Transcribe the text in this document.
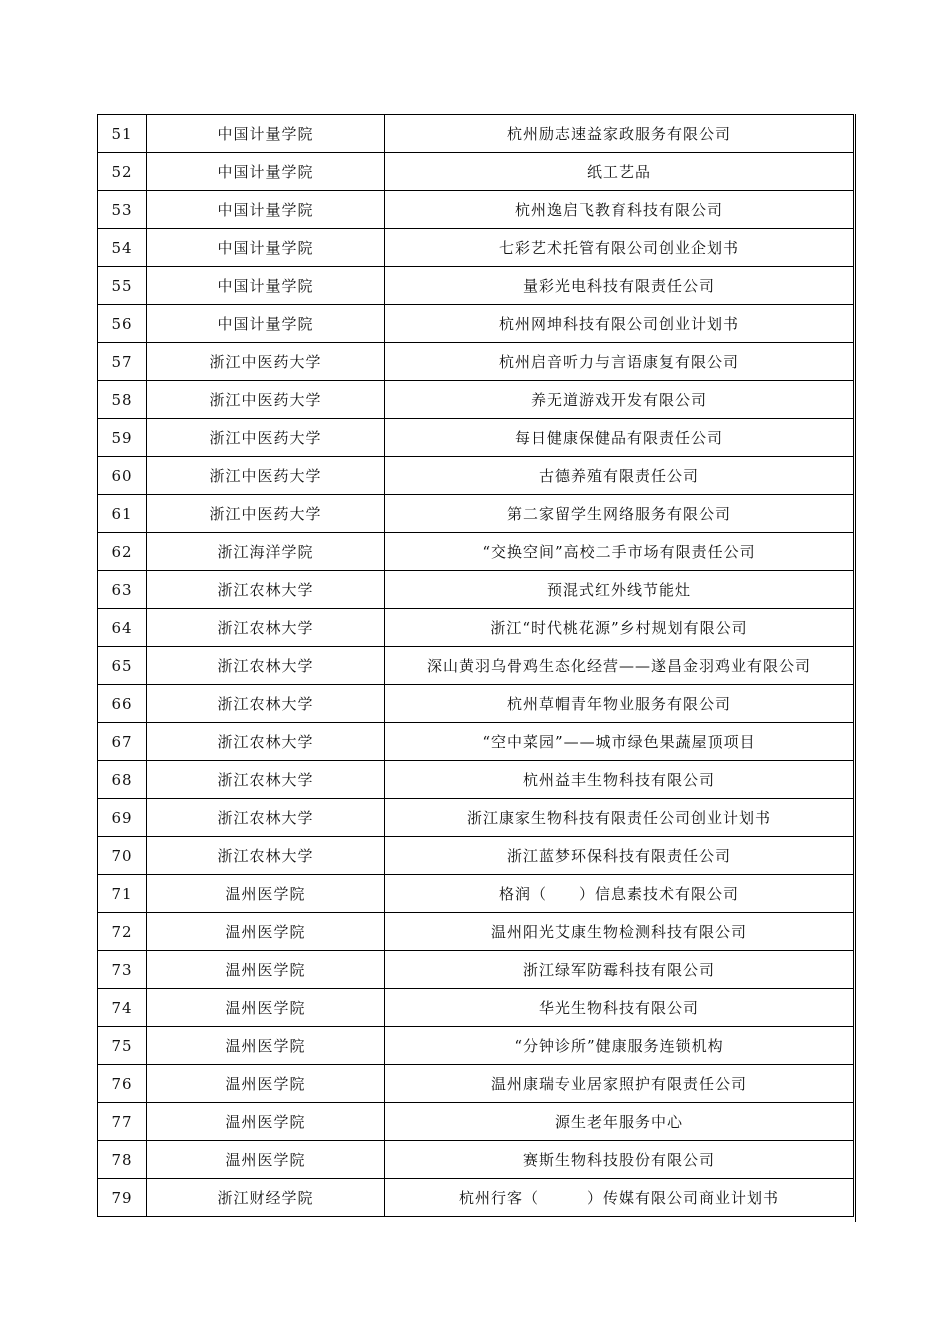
51	中国计量学院	杭州励志速益家政服务有限公司
52	中国计量学院	纸工艺品
53	中国计量学院	杭州逸启飞教育科技有限公司
54	中国计量学院	七彩艺术托管有限公司创业企划书
55	中国计量学院	量彩光电科技有限责任公司
56	中国计量学院	杭州网坤科技有限公司创业计划书
57	浙江中医药大学	杭州启音听力与言语康复有限公司
58	浙江中医药大学	养无道游戏开发有限公司
59	浙江中医药大学	每日健康保健品有限责任公司
60	浙江中医药大学	古德养殖有限责任公司
61	浙江中医药大学	第二家留学生网络服务有限公司
62	浙江海洋学院	“交换空间”高校二手市场有限责任公司
63	浙江农林大学	预混式红外线节能灶
64	浙江农林大学	浙江“时代桃花源”乡村规划有限公司
65	浙江农林大学	深山黄羽乌骨鸡生态化经营——遂昌金羽鸡业有限公司
66	浙江农林大学	杭州草帽青年物业服务有限公司
67	浙江农林大学	“空中菜园”——城市绿色果蔬屋顶项目
68	浙江农林大学	杭州益丰生物科技有限公司
69	浙江农林大学	浙江康家生物科技有限责任公司创业计划书
70	浙江农林大学	浙江蓝梦环保科技有限责任公司
71	温州医学院	格润（　　）信息素技术有限公司
72	温州医学院	温州阳光艾康生物检测科技有限公司
73	温州医学院	浙江绿军防霉科技有限公司
74	温州医学院	华光生物科技有限公司
75	温州医学院	“分钟诊所”健康服务连锁机构
76	温州医学院	温州康瑞专业居家照护有限责任公司
77	温州医学院	源生老年服务中心
78	温州医学院	赛斯生物科技股份有限公司
79	浙江财经学院	杭州行客（　　　）传媒有限公司商业计划书
